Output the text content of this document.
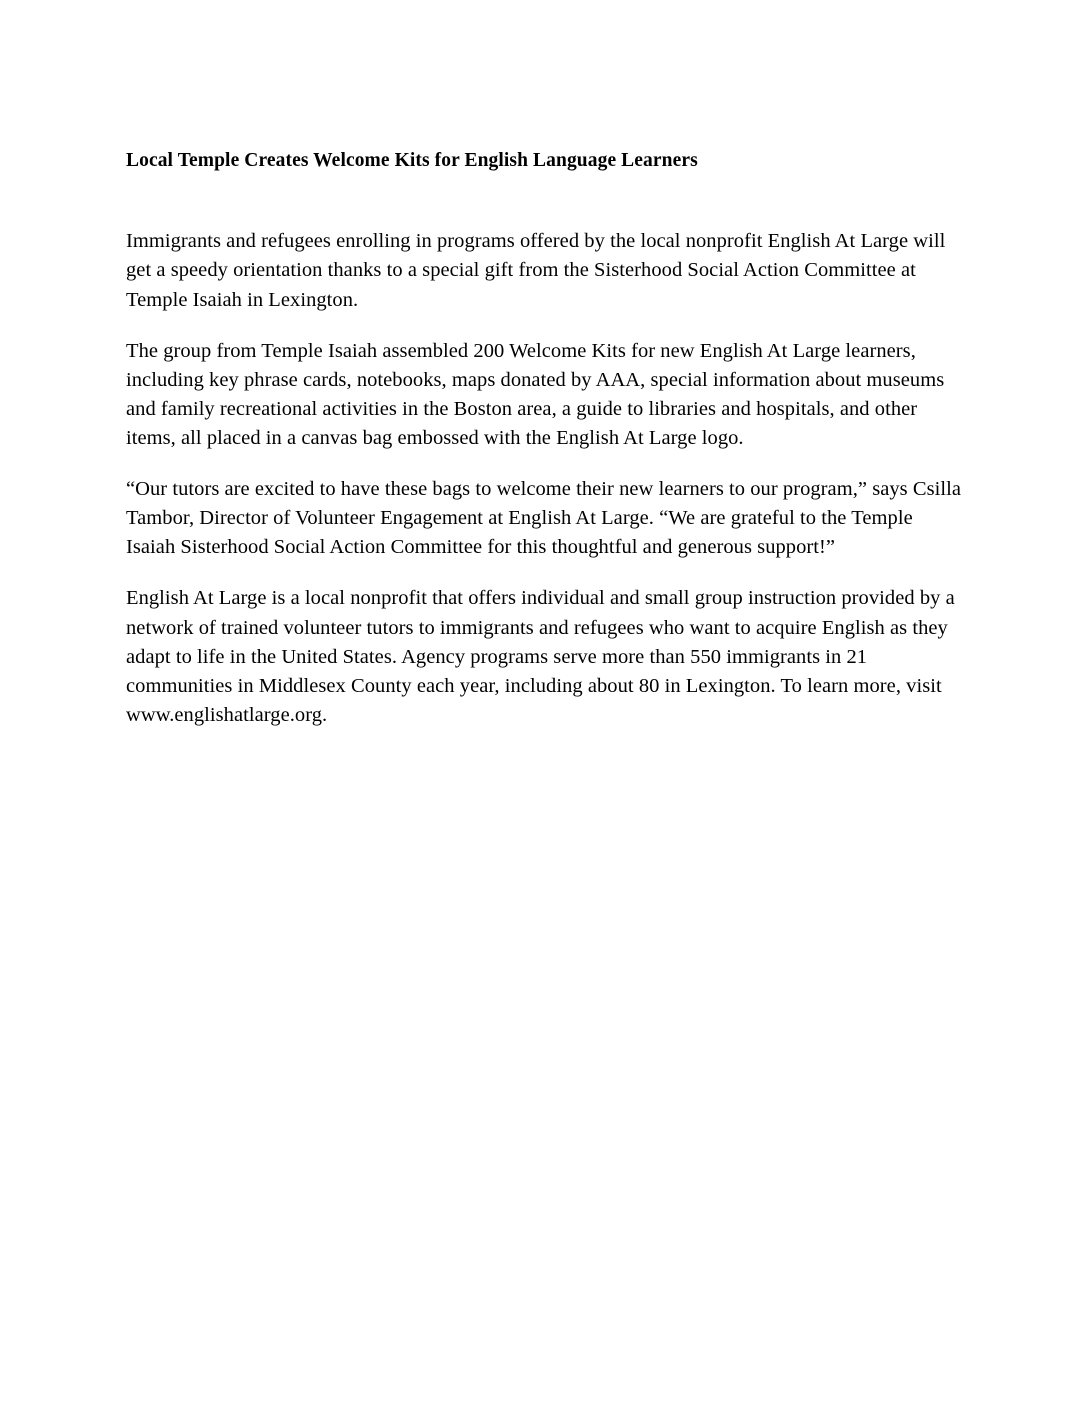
Local Temple Creates Welcome Kits for English Language Learners

Immigrants and refugees enrolling in programs offered by the local nonprofit English At Large will get a speedy orientation thanks to a special gift from the Sisterhood Social Action Committee at Temple Isaiah in Lexington.

The group from Temple Isaiah assembled 200 Welcome Kits for new English At Large learners, including key phrase cards, notebooks, maps donated by AAA, special information about museums and family recreational activities in the Boston area, a guide to libraries and hospitals, and other items, all placed in a canvas bag embossed with the English At Large logo.

“Our tutors are excited to have these bags to welcome their new learners to our program,” says Csilla Tambor, Director of Volunteer Engagement at English At Large. “We are grateful to the Temple Isaiah Sisterhood Social Action Committee for this thoughtful and generous support!”

English At Large is a local nonprofit that offers individual and small group instruction provided by a network of trained volunteer tutors to immigrants and refugees who want to acquire English as they adapt to life in the United States. Agency programs serve more than 550 immigrants in 21 communities in Middlesex County each year, including about 80 in Lexington. To learn more, visit www.englishatlarge.org.
